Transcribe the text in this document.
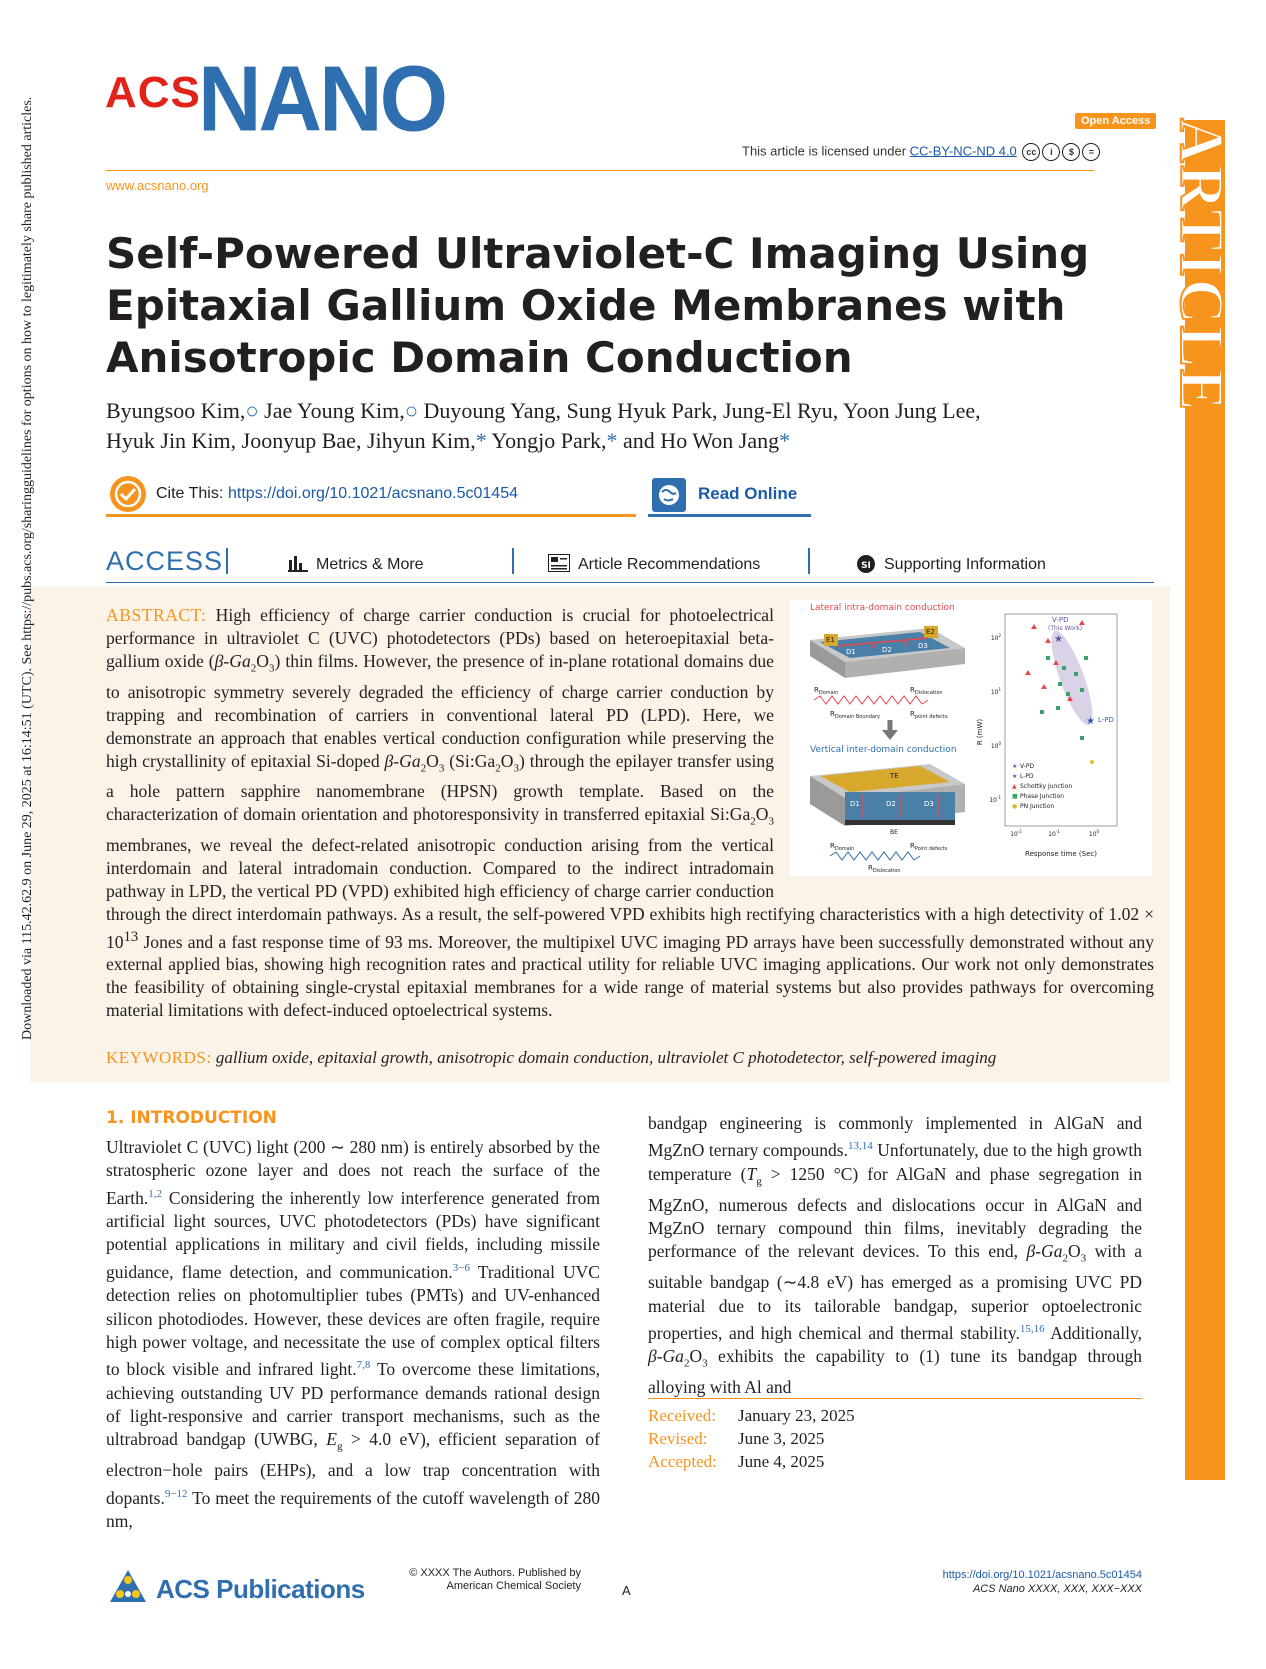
ACS
NANO	Open Access
This article is licensed under CC-BY-NC-ND 4.0 cc i $ =
www.acsnano.org	ARTICLE
Self-Powered Ultraviolet-C Imaging Using Epitaxial Gallium Oxide Membranes with Anisotropic Domain Conduction
Byungsoo Kim,○ Jae Young Kim,○ Duyoung Yang, Sung Hyuk Park, Jung-El Ryu, Yoon Jung Lee,
Hyuk Jin Kim, Joonyup Bae, Jihyun Kim,* Yongjo Park,* and Ho Won Jang*
Cite This: https://doi.org/10.1021/acsnano.5c01454	Read Online
ACCESS	Metrics & More	Article Recommendations	SI Supporting Information
ABSTRACT: High efficiency of charge carrier conduction is crucial for photoelectrical performance in ultraviolet C (UVC) photodetectors (PDs) based on heteroepitaxial beta-gallium oxide $(\beta-Ga_2O_3)$ thin films. However, the presence of in-plane rotational domains due to anisotropic symmetry severely degraded the efficiency of charge carrier conduction by trapping and recombination of carriers in conventional lateral PD (LPD). Here, we demonstrate an approach that enables vertical conduction configuration while preserving the high crystallinity of epitaxial Si-doped $\beta-Ga_2O_3$ $(Si:Ga_2O_3)$ through the epilayer transfer using a hole pattern sapphire nanomembrane (HPSN) growth template. Based on the characterization of domain orientation and photoresponsivity in transferred epitaxial $Si:Ga_2O_3$ membranes, we reveal the defect-related anisotropic conduction arising from the vertical interdomain and lateral intradomain conduction. Compared to the indirect intradomain pathway in LPD, the vertical PD (VPD) exhibited high efficiency of charge carrier conduction through the direct interdomain pathways. As a result, the self-powered VPD exhibits high rectifying characteristics with a high detectivity of $1.02 \times 10^{13}$ Jones and a fast response time of 93 ms. Moreover, the multipixel UVC imaging PD arrays have been successfully demonstrated without any external applied bias, showing high recognition rates and practical utility for reliable UVC imaging applications. Our work not only demonstrates the feasibility of obtaining single-crystal epitaxial membranes for a wide range of material systems but also provides pathways for overcoming material limitations with defect-induced optoelectrical systems.
Lateral intra-domain conduction
E1
E2
D1	D2	D3
✕	✕
$R_{Domain}$	$R_{Dislocation}$
$R_{Domain Boundary}$	$R_{point defects}$
Vertical inter-domain conduction
TE
D1	D2	D3
BE
$R_{Domain}$	$R_{Point defects}$
$R_{Dislocation}$
R (mW)
Response time (Sec)
$10^2$
$10^1$
$10^0$
$10^{-1}$
$10^{-2}$	$10^{-1}$	$10^0$
V-PD
(This Work)
★
★ L-PD
★ V-PD
★ L-PD
▲ Schottky Junction
■ Phase Junction
● PN Junction
KEYWORDS: gallium oxide, epitaxial growth, anisotropic domain conduction, ultraviolet C photodetector, self-powered imaging
Downloaded via 115.42.62.9 on June 29, 2025 at 16:14:51 (UTC). See https://pubs.acs.org/sharingguidelines for options on how to legitimately share published articles.
1. INTRODUCTION
Ultraviolet C (UVC) light (200 ∼ 280 nm) is entirely absorbed by the stratospheric ozone layer and does not reach the surface of the Earth.$^{1,2}$ Considering the inherently low interference generated from artificial light sources, UVC photodetectors (PDs) have significant potential applications in military and civil fields, including missile guidance, flame detection, and communication.$^{3-6}$ Traditional UVC detection relies on photomultiplier tubes (PMTs) and UV-enhanced silicon photodiodes. However, these devices are often fragile, require high power voltage, and necessitate the use of complex optical filters to block visible and infrared light.$^{7,8}$ To overcome these limitations, achieving outstanding UV PD performance demands rational design of light-responsive and carrier transport mechanisms, such as the ultrabroad bandgap (UWBG, $E_g > 4.0$ eV), efficient separation of electron−hole pairs (EHPs), and a low trap concentration with dopants.$^{9-12}$ To meet the requirements of the cutoff wavelength of 280 nm,
bandgap engineering is commonly implemented in AlGaN and MgZnO ternary compounds.$^{13,14}$ Unfortunately, due to the high growth temperature ($T_g > 1250$ °C) for AlGaN and phase segregation in MgZnO, numerous defects and dislocations occur in AlGaN and MgZnO ternary compound thin films, inevitably degrading the performance of the relevant devices. To this end, $\beta-Ga_2O_3$ with a suitable bandgap (∼4.8 eV) has emerged as a promising UVC PD material due to its tailorable bandgap, superior optoelectronic properties, and high chemical and thermal stability.$^{15,16}$ Additionally, $\beta-Ga_2O_3$ exhibits the capability to (1) tune its bandgap through alloying with Al and
Received: January 23, 2025
Revised: June 3, 2025
Accepted: June 4, 2025
ACS Publications
© XXXX The Authors. Published by
American Chemical Society	A
https://doi.org/10.1021/acsnano.5c01454
ACS Nano XXXX, XXX, XXX−XXX
